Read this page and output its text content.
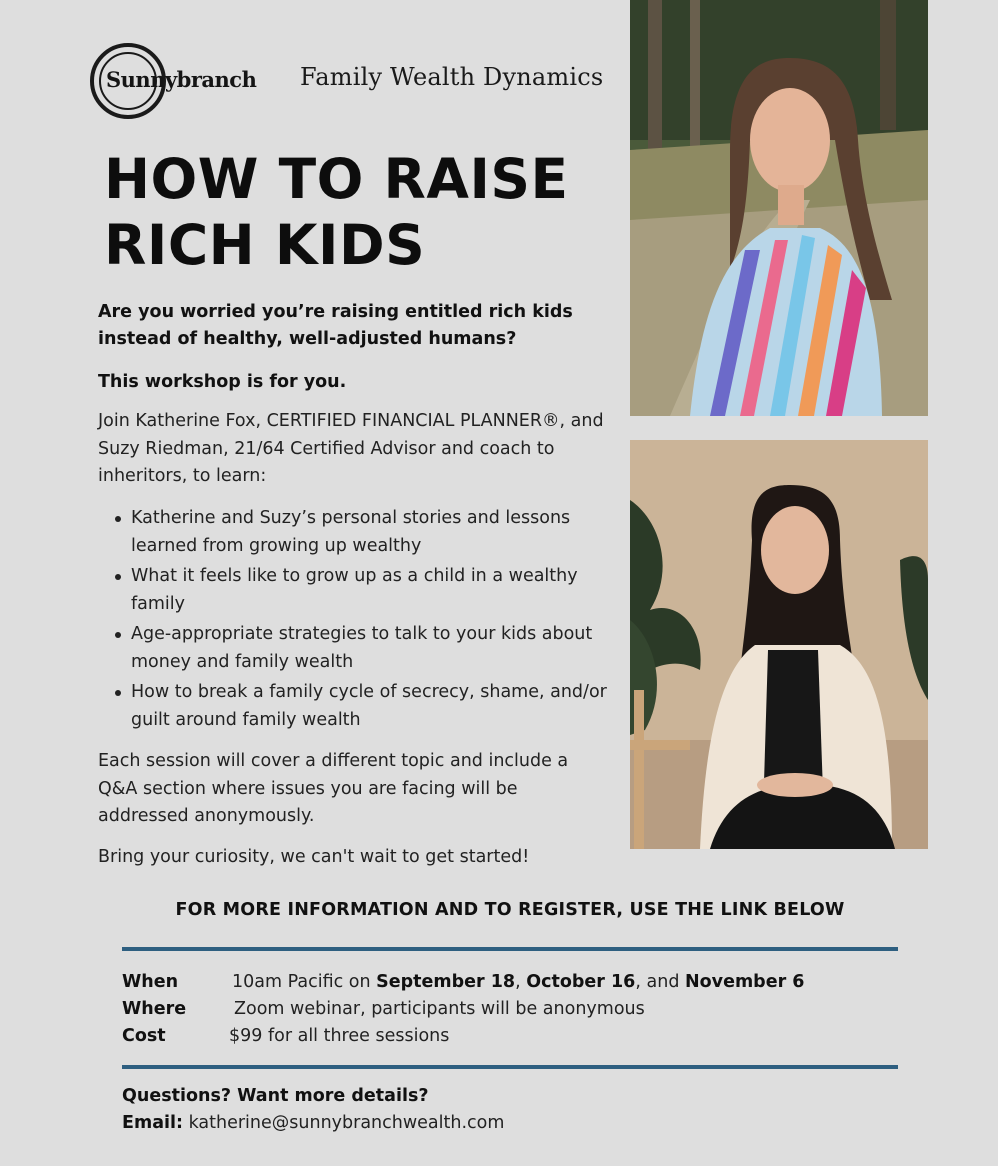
Sunnybranch Family Wealth Dynamics
HOW TO RAISE
RICH KIDS

Are you worried you’re raising entitled rich kids instead of healthy, well-adjusted humans?

This workshop is for you.

Join Katherine Fox, CERTIFIED FINANCIAL PLANNER®, and Suzy Riedman, 21/64 Certified Advisor and coach to inheritors, to learn:

Katherine and Suzy’s personal stories and lessons learned from growing up wealthy
What it feels like to grow up as a child in a wealthy family
Age-appropriate strategies to talk to your kids about money and family wealth
How to break a family cycle of secrecy, shame, and/or guilt around family wealth

Each session will cover a different topic and include a Q&A section where issues you are facing will be addressed anonymously.

Bring your curiosity, we can't wait to get started!

FOR MORE INFORMATION AND TO REGISTER, USE THE LINK BELOW
When	10am Pacific on September 18, October 16, and November 6
Where	Zoom webinar, participants will be anonymous
Cost	$99 for all three sessions
Questions? Want more details?
Email: katherine@sunnybranchwealth.com
